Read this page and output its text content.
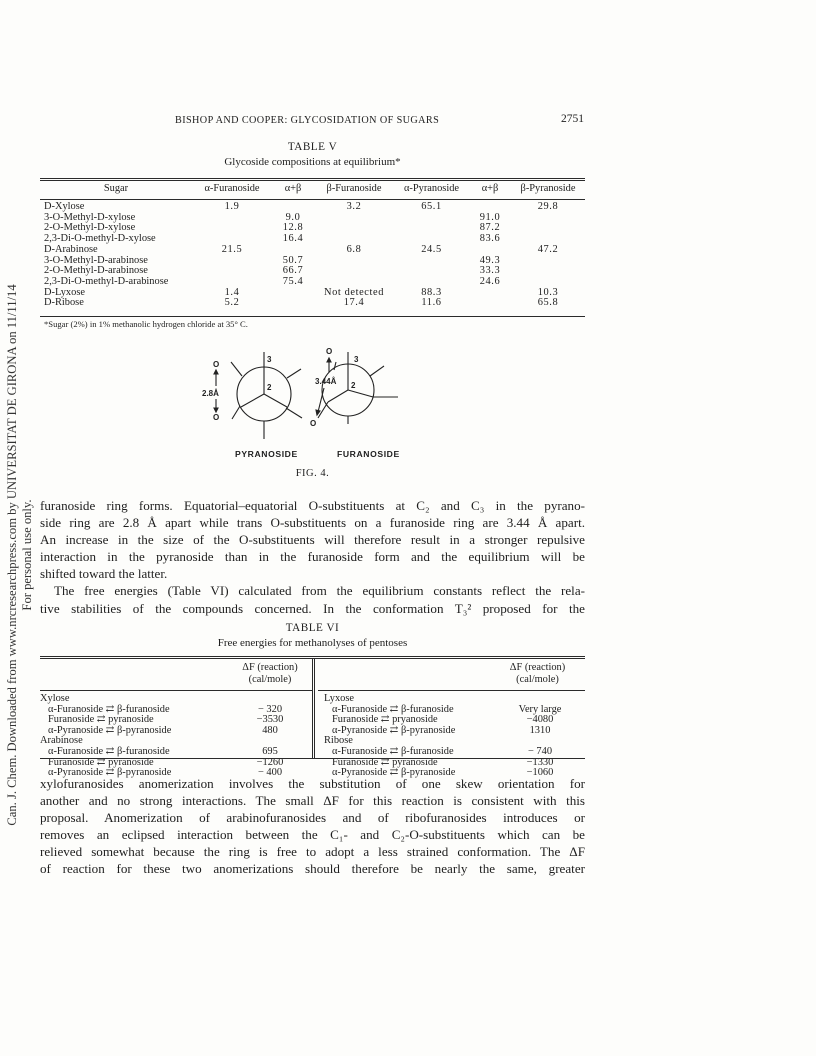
Can. J. Chem. Downloaded from www.nrcresearchpress.com by UNIVERSITAT DE GIRONA on 11/11/14 For personal use only.
BISHOP AND COOPER: GLYCOSIDATION OF SUGARS	2751
TABLE V
Glycoside compositions at equilibrium*
Sugar	α-Furanoside	α+β	β-Furanoside	α-Pyranoside	α+β	β-Pyranoside
D-Xylose	1.9		3.2	65.1		29.8
3-O-Methyl-D-xylose		9.0			91.0	
2-O-Methyl-D-xylose		12.8			87.2	
2,3-Di-O-methyl-D-xylose		16.4			83.6	
D-Arabinose	21.5		6.8	24.5		47.2
3-O-Methyl-D-arabinose		50.7			49.3	
2-O-Methyl-D-arabinose		66.7			33.3	
2,3-Di-O-methyl-D-arabinose		75.4			24.6	
D-Lyxose	1.4		Not detected	88.3		10.3
D-Ribose	5.2		17.4	11.6		65.8
*Sugar (2%) in 1% methanolic hydrogen chloride at 35° C.
3
2
O
O
2.8Å
3
2
O
O
3.44Å
PYRANOSIDE	FURANOSIDE
FIG. 4.
furanoside ring forms. Equatorial–equatorial O-substituents at C₂ and C₃ in the pyrano-
side ring are 2.8 Å apart while trans O-substituents on a furanoside ring are 3.44 Å apart.
An increase in the size of the O-substituents will therefore result in a stronger repulsive
interaction in the pyranoside than in the furanoside form and the equilibrium will be
shifted toward the latter.
The free energies (Table VI) calculated from the equilibrium constants reflect the rela-
tive stabilities of the compounds concerned. In the conformation T₃² proposed for the
TABLE VI
Free energies for methanolyses of pentoses
ΔF (reaction)
(cal/mole)
ΔF (reaction)
(cal/mole)
Xylose
α-Furanoside ⇄ β-furanoside	− 320
Furanoside ⇄ pyranoside	−3530
α-Pyranoside ⇄ β-pyranoside	480
Arabinose
α-Furanoside ⇄ β-furanoside	695
Furanoside ⇄ pyranoside	−1260
α-Pyranoside ⇄ β-pyranoside	− 400
Lyxose
α-Furanoside ⇄ β-furanoside	Very large
Furanoside ⇄ pryanoside	−4080
α-Pyranoside ⇄ β-pyranoside	1310
Ribose
α-Furanoside ⇄ β-furanoside	− 740
Furanoside ⇄ pyranoside	−1330
α-Pyranoside ⇄ β-pyranoside	−1060
xylofuranosides anomerization involves the substitution of one skew orientation for
another and no strong interactions. The small ΔF for this reaction is consistent with this
proposal. Anomerization of arabinofuranosides and of ribofuranosides introduces or
removes an eclipsed interaction between the C₁- and C₂-O-substituents which can be
relieved somewhat because the ring is free to adopt a less strained conformation. The ΔF
of reaction for these two anomerizations should therefore be nearly the same, greater
